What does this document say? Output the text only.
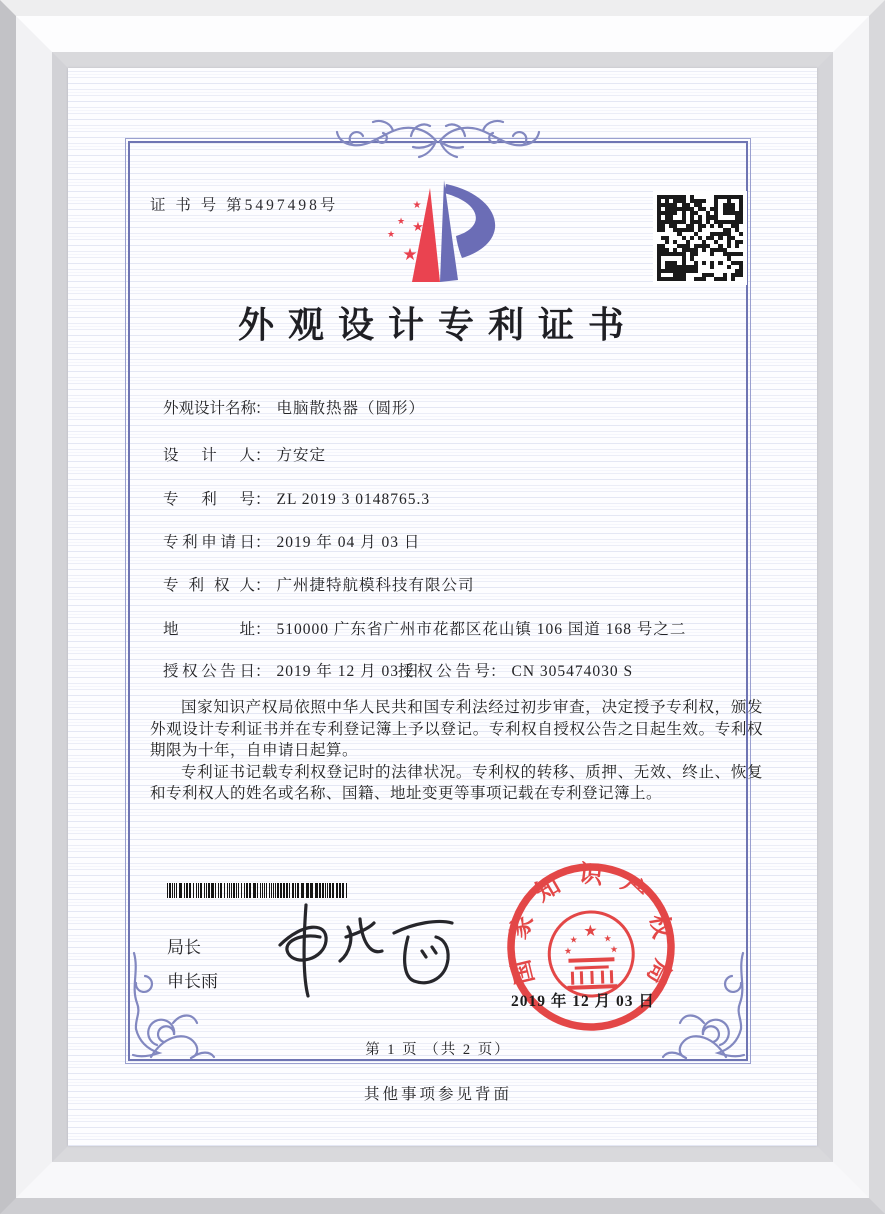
证 书 号 第5497498号	★
★ ★
★
★
外观设计专利证书
外观设计名称： 电脑散热器（圆形）
设计人： 方安定
专利号： ZL 2019 3 0148765.3
专利申请日： 2019 年 04 月 03 日
专利权人： 广州捷特航模科技有限公司
地址： 510000 广东省广州市花都区花山镇 106 国道 168 号之二
授权公告日： 2019 年 12 月 03 日
授权公告号： CN 305474030 S

国家知识产权局依照中华人民共和国专利法经过初步审查，决定授予专利权，颁发外观设计专利证书并在专利登记簿上予以登记。专利权自授权公告之日起生效。专利权期限为十年，自申请日起算。

专利证书记载专利权登记时的法律状况。专利权的转移、质押、无效、终止、恢复和专利权人的姓名或名称、国籍、地址变更等事项记载在专利登记簿上。

局长
申长雨	国家知识产权局
★
★	★
★	★
2019 年 12 月 03 日
第 1 页 （共 2 页）
其他事项参见背面
